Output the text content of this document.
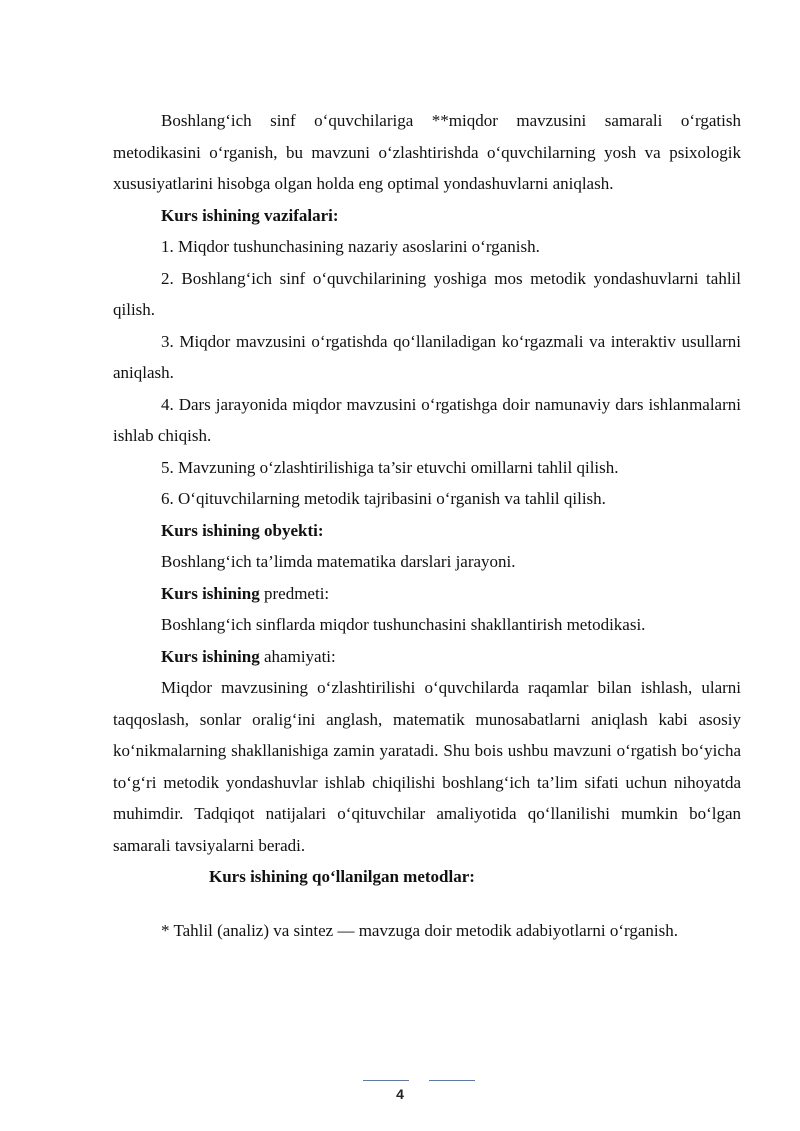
Boshlang‘ich sinf o‘quvchilariga **miqdor mavzusini samarali o‘rgatish metodikasini o‘rganish, bu mavzuni o‘zlashtirishda o‘quvchilarning yosh va psixologik xususiyatlarini hisobga olgan holda eng optimal yondashuvlarni aniqlash.

Kurs ishining vazifalari:

1. Miqdor tushunchasining nazariy asoslarini o‘rganish.

2. Boshlang‘ich sinf o‘quvchilarining yoshiga mos metodik yondashuvlarni tahlil qilish.

3. Miqdor mavzusini o‘rgatishda qo‘llaniladigan ko‘rgazmali va interaktiv usullarni aniqlash.

4. Dars jarayonida miqdor mavzusini o‘rgatishga doir namunaviy dars ishlanmalarni ishlab chiqish.

5. Mavzuning o‘zlashtirilishiga ta’sir etuvchi omillarni tahlil qilish.

6. O‘qituvchilarning metodik tajribasini o‘rganish va tahlil qilish.

Kurs ishining obyekti:

Boshlang‘ich ta’limda matematika darslari jarayoni.

Kurs ishining predmeti:

Boshlang‘ich sinflarda miqdor tushunchasini shakllantirish metodikasi.

Kurs ishining ahamiyati:

Miqdor mavzusining o‘zlashtirilishi o‘quvchilarda raqamlar bilan ishlash, ularni taqqoslash, sonlar oralig‘ini anglash, matematik munosabatlarni aniqlash kabi asosiy ko‘nikmalarning shakllanishiga zamin yaratadi. Shu bois ushbu mavzuni o‘rgatish bo‘yicha to‘g‘ri metodik yondashuvlar ishlab chiqilishi boshlang‘ich ta’lim sifati uchun nihoyatda muhimdir. Tadqiqot natijalari o‘qituvchilar amaliyotida qo‘llanilishi mumkin bo‘lgan samarali tavsiyalarni beradi.

Kurs ishining qo‘llanilgan metodlar:

* Tahlil (analiz) va sintez — mavzuga doir metodik adabiyotlarni o‘rganish.

4
